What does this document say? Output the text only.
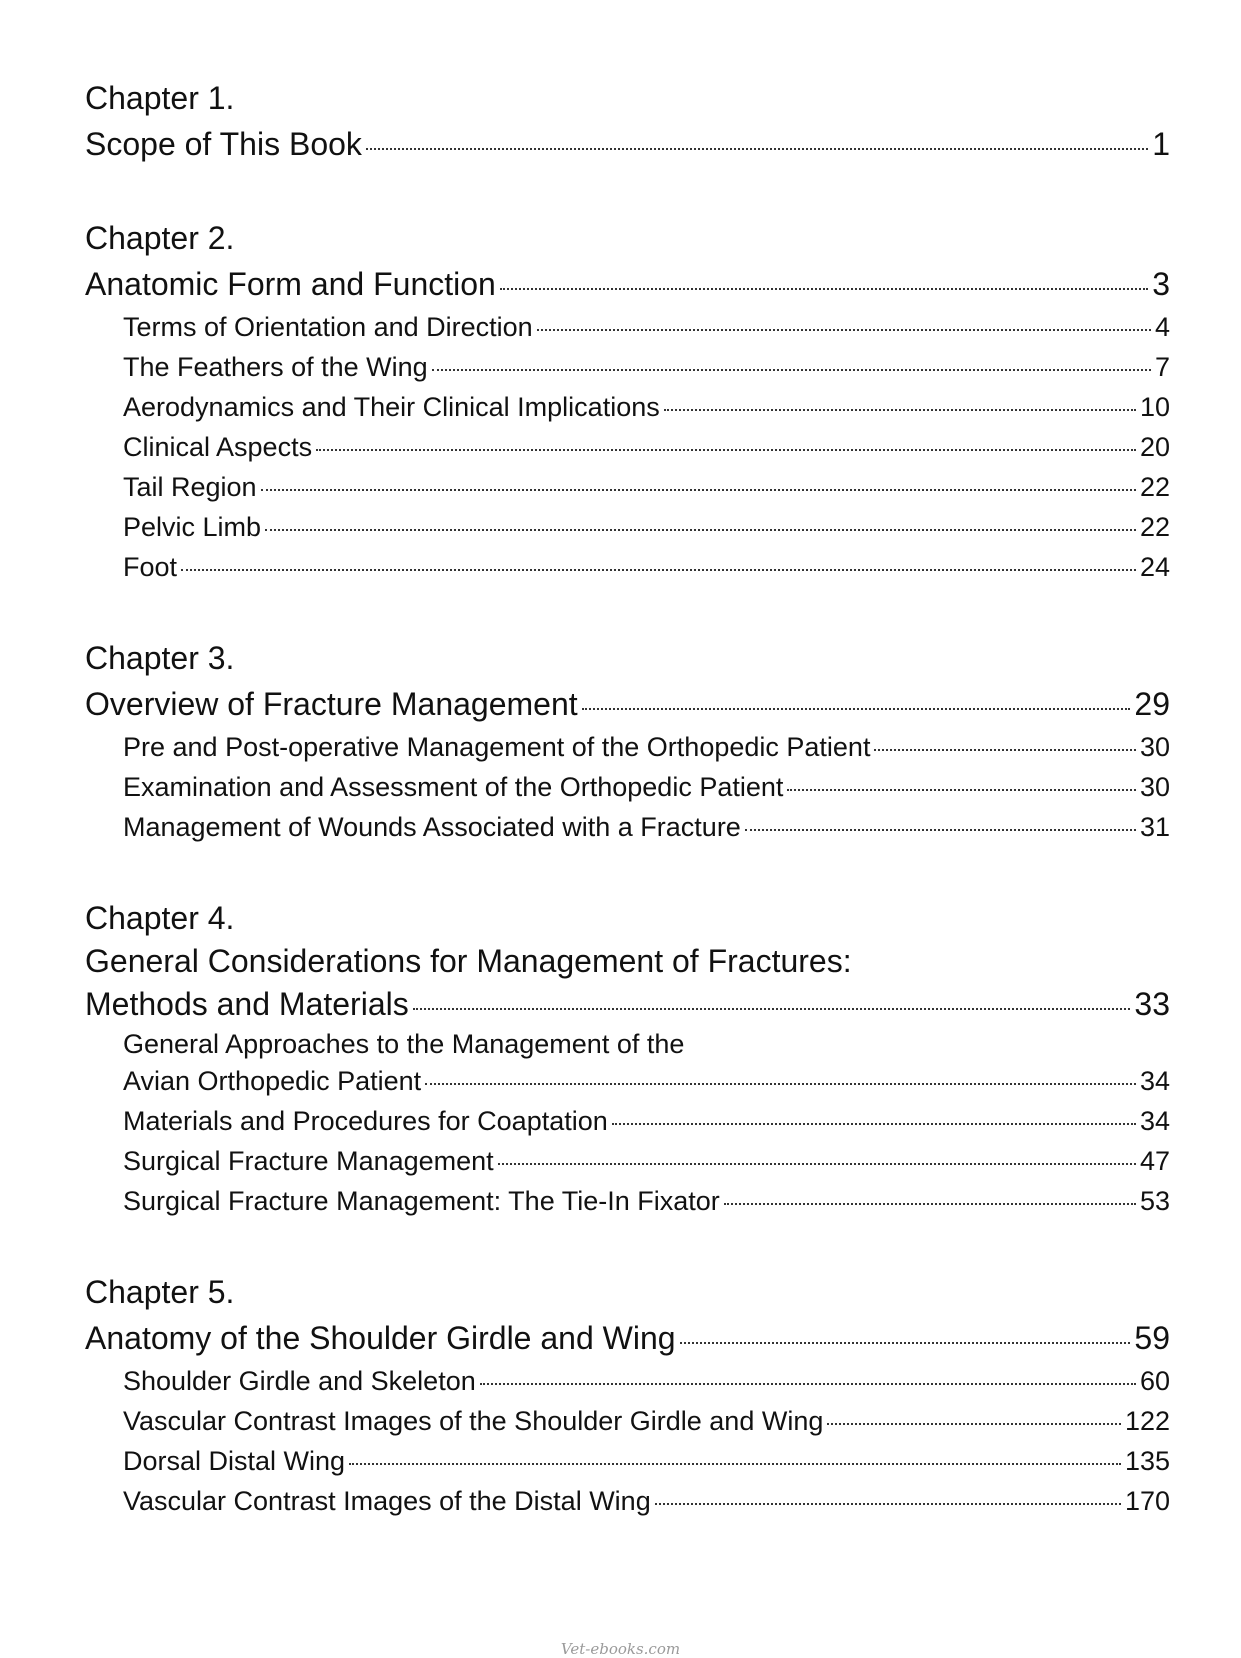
Chapter 1.
Scope of This Book	1
Chapter 2.
Anatomic Form and Function	3
Terms of Orientation and Direction	4
The Feathers of the Wing	7
Aerodynamics and Their Clinical Implications	10
Clinical Aspects	20
Tail Region	22
Pelvic Limb	22
Foot	24
Chapter 3.
Overview of Fracture Management	29
Pre and Post-operative Management of the Orthopedic Patient	30
Examination and Assessment of the Orthopedic Patient	30
Management of Wounds Associated with a Fracture	31
Chapter 4.
General Considerations for Management of Fractures:
Methods and Materials	33
General Approaches to the Management of the
Avian Orthopedic Patient	34
Materials and Procedures for Coaptation	34
Surgical Fracture Management	47
Surgical Fracture Management: The Tie-In Fixator	53
Chapter 5.
Anatomy of the Shoulder Girdle and Wing	59
Shoulder Girdle and Skeleton	60
Vascular Contrast Images of the Shoulder Girdle and Wing	122
Dorsal Distal Wing	135
Vascular Contrast Images of the Distal Wing	170
Vet-ebooks.com
